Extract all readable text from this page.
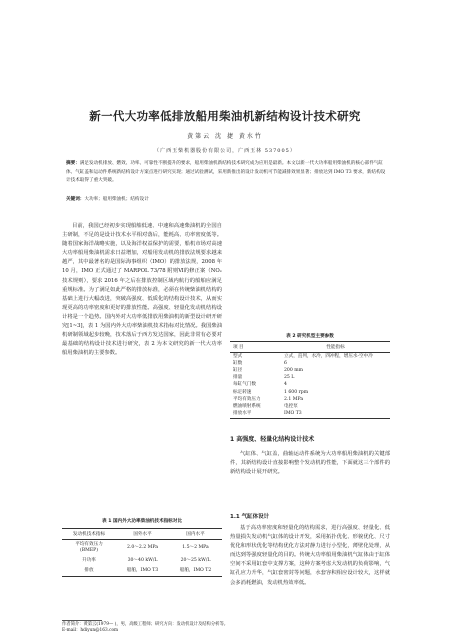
新一代大功率低排放船用柴油机新结构设计技术研究
黄第云 沈 捷 黄水竹
（广西玉柴机器股份有限公司，广西玉林 537005）
摘要：满足发动机排放、燃效、功率、可靠性不断提升的要求，船用柴油机新结构技术研究成为应用是最新。本文以新一代大功率船用柴油机的核心部件气缸体、气缸盖和运动件系统新结构设计方案点进行研究实现；通过试验测试，采用新推出的设计发动机可节能减排效果显著；排放达到 IMO T3 要求，新结构设计技术取得了重大突破。
关键词：大功率；船用柴油机；结构设计
目前，我国已经初步实现船舶低速、中速和高速柴油机的全国自主研制，不足的是设计技术水平相对落后，能耗高、功率密度低等。随着国家海洋战略实施，以及海洋权益保护的需要，船机市场对高速大功率船用柴油机需求日益增加，对船用发动机的排放法规要求越来越严，其中最著名的是国际海事组织（IMO）的排放法规，2008 年10 月，IMO 正式通过了 MARPOL 73/78 附则Ⅵ的修正案（NOₓ 技术规则），要求 2016 年之后在排放控制区域内航行的船舶应满足重规标准。为了满足如此严格的排放标准，必须在传统柴油机结构的基础上进行大幅改进，突破高强度、低质化的结构设计技术，从而实现更高的功率密度和更好的排放性能。高强度、轻量化发动机结构设计将是一个趋势。国内外对大功率低排放用柴油机的新型设计研开研究[1~3]，表 1 为国内外大功率柴油机技术指标对比情况。我国柴油机研制领域起步较晚，技术落后于西方发达国家，因此非常有必要对最基础的结构设计技术进行研究，表 2 为本文研究的新一代大功率船用柴油机的主要参数。
表 1 国内外大功率柴油机技术指标对比
发动机技术指标	国外水平	国内水平
平均有效压力
(BMEP)	2.0～2.2 MPa	1.5～2 MPa
升功率	30～40 kW/L	20～25 kW/L
排放	船舶，IMO T3	船舶，IMO T2
表 2 研究机型主要参数
项 目	性能指标
型式	立式，直列，水冷，四冲程，增压水-空中冷
缸数	6
缸径	200 mm
排量	25 L
每缸气门数	4
标定转速	1 600 rpm
平均有效压力	2.1 MPa
燃油喷射系统	电控泵
排放水平	IMO T3
1 高强度、轻量化结构设计技术
气缸体、气缸盖，曲轴运动件系统为大功率船用柴油机的关键部件，其新结构设计直接影响整个发动机的性能，下面就这三个部件的新结构设计展开研究。
1.1 气缸体设计
基于高功率密度和轻量化的结构需求，进行高强度、轻量化、低热量损失发动机气缸体的设计开发，采用拓扑优化、形貌优化、尺寸优化和形状优化等结构优化方法对静力进行小型化，薄壁化处理，从而达到等强度轻量化的目的。传统大功率船用柴油机气缸体由于缸体空间不采用缸套中支撑方案，这种方案考虑大发动机的负荷影响，气缸孔应力升华，气缸套密封等问题，水套容积相应设计较大，这样就会多消耗燃油，发动机热效率低。
作者简介：黄第云(1979— )，男，高级工程师；研究方向：发动机设计及结构分析等。
E-mail：hdiyun@163.com
